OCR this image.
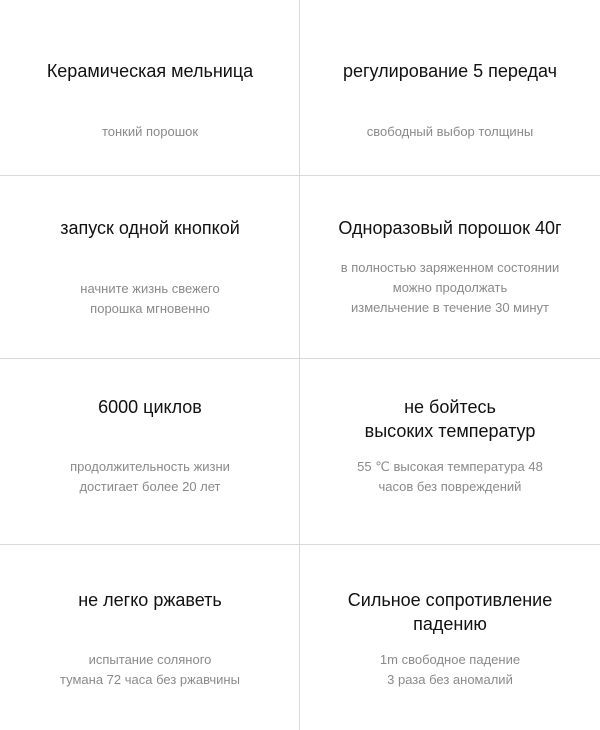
Керамическая мельница
тонкий порошок
регулирование 5 передач
свободный выбор толщины
запуск одной кнопкой
начните жизнь свежего
порошка мгновенно
Одноразовый порошок 40г
в полностью заряженном состоянии
можно продолжать
измельчение в течение 30 минут
6000 циклов
продолжительность жизни
достигает более 20 лет
не бойтесь
высоких температур
55 ℃ высокая температура 48
часов без повреждений
не легко ржаветь
испытание соляного
тумана 72 часа без ржавчины
Сильное сопротивление
падению
1m свободное падение
3 раза без аномалий
